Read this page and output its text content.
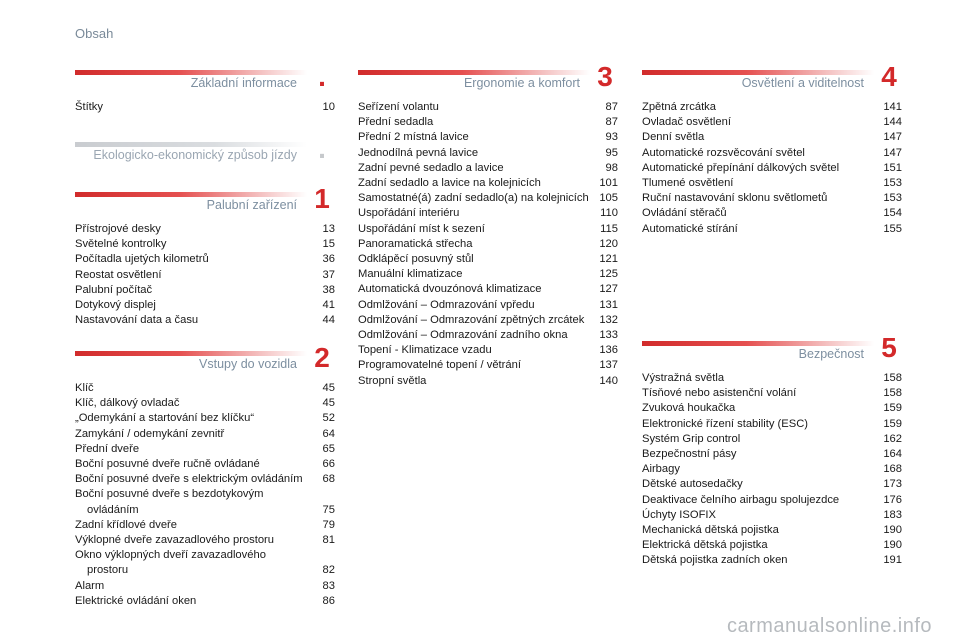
Obsah
Základní informace .
Štítky	10
Ekologicko-ekonomický způsob jízdy .
Palubní zařízení 1
Přístrojové desky	13
Světelné kontrolky	15
Počítadla ujetých kilometrů	36
Reostat osvětlení	37
Palubní počítač	38
Dotykový displej	41
Nastavování data a času	44
Vstupy do vozidla 2
Klíč	45
Klíč, dálkový ovladač	45
„Odemykání a startování bez klíčku“	52
Zamykání / odemykání zevnitř	64
Přední dveře	65
Boční posuvné dveře ručně ovládané	66
Boční posuvné dveře s elektrickým ovládáním	68
Boční posuvné dveře s bezdotykovým ovládáním	75
Zadní křídlové dveře	79
Výklopné dveře zavazadlového prostoru	81
Okno výklopných dveří zavazadlového prostoru	82
Alarm	83
Elektrické ovládání oken	86
Ergonomie a komfort 3
Seřízení volantu	87
Přední sedadla	87
Přední 2 místná lavice	93
Jednodílná pevná lavice	95
Zadní pevné sedadlo a lavice	98
Zadní sedadlo a lavice na kolejnicích	101
Samostatné(á) zadní sedadlo(a) na kolejnicích 105
Uspořádání interiéru	110
Uspořádání míst k sezení	115
Panoramatická střecha	120
Odklápěcí posuvný stůl	121
Manuální klimatizace	125
Automatická dvouzónová klimatizace	127
Odmlžování – Odmrazování vpředu	131
Odmlžování – Odmrazování zpětných zrcátek	132
Odmlžování – Odmrazování zadního okna	133
Topení - Klimatizace vzadu	136
Programovatelné topení / větrání	137
Stropní světla	140
Osvětlení a viditelnost 4
Zpětná zrcátka	141
Ovladač osvětlení	144
Denní světla	147
Automatické rozsvěcování světel	147
Automatické přepínání dálkových světel	151
Tlumené osvětlení	153
Ruční nastavování sklonu světlometů	153
Ovládání stěračů	154
Automatické stírání	155
Bezpečnost 5
Výstražná světla	158
Tísňové nebo asistenční volání	158
Zvuková houkačka	159
Elektronické řízení stability (ESC)	159
Systém Grip control	162
Bezpečnostní pásy	164
Airbagy	168
Dětské autosedačky	173
Deaktivace čelního airbagu spolujezdce	176
Úchyty ISOFIX	183
Mechanická dětská pojistka	190
Elektrická dětská pojistka	190
Dětská pojistka zadních oken	191
carmanualsonline.info
